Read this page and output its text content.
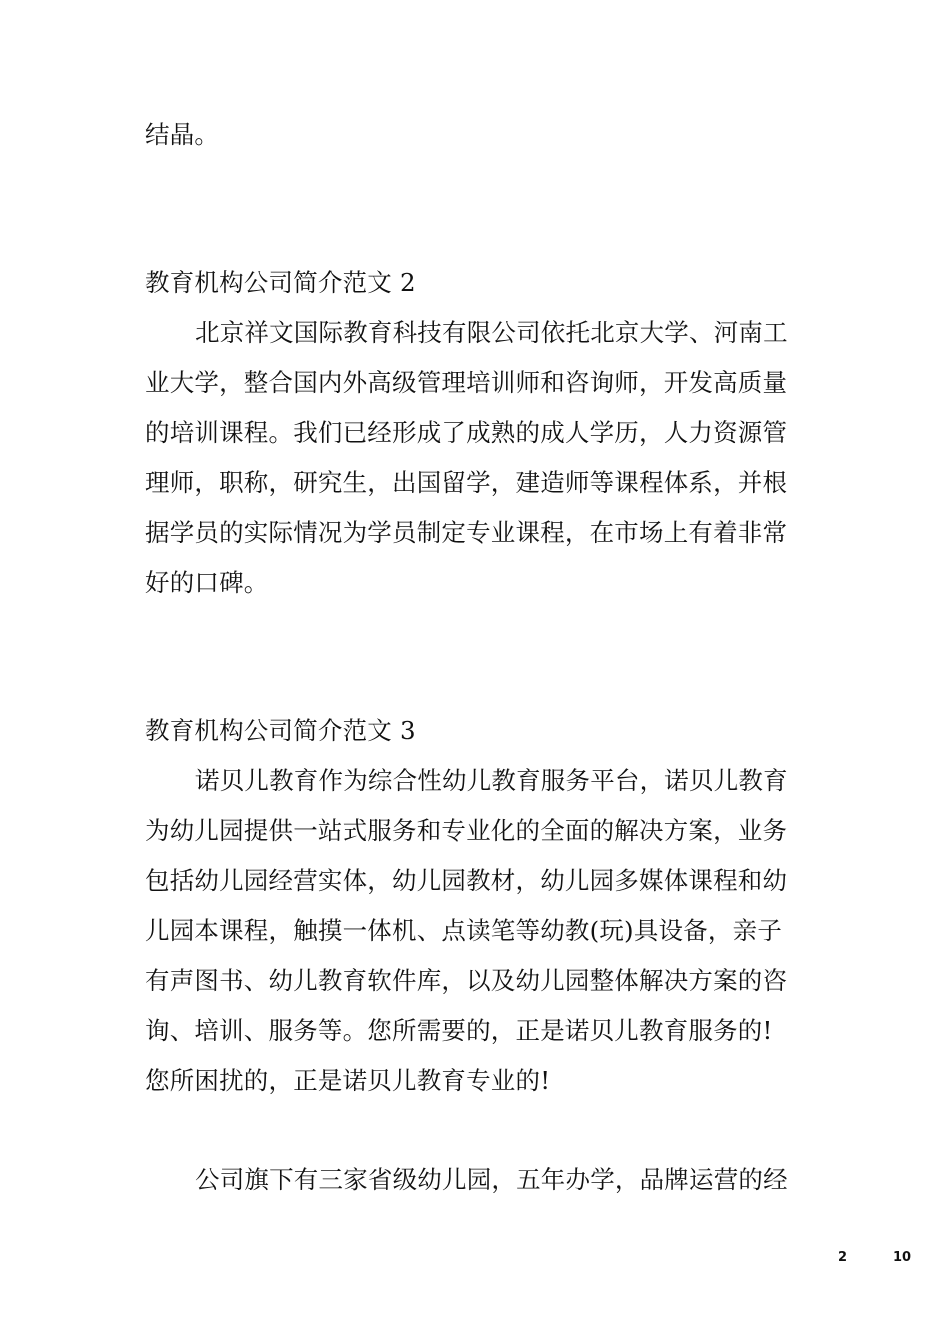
结晶。
教育机构公司简介范文 2
北京祥文国际教育科技有限公司依托北京大学、河南工
业大学，整合国内外高级管理培训师和咨询师，开发高质量
的培训课程。我们已经形成了成熟的成人学历，人力资源管
理师，职称，研究生，出国留学，建造师等课程体系，并根
据学员的实际情况为学员制定专业课程，在市场上有着非常
好的口碑。
教育机构公司简介范文 3
诺贝儿教育作为综合性幼儿教育服务平台，诺贝儿教育
为幼儿园提供一站式服务和专业化的全面的解决方案，业务
包括幼儿园经营实体，幼儿园教材，幼儿园多媒体课程和幼
儿园本课程，触摸一体机、点读笔等幼教(玩)具设备，亲子
有声图书、幼儿教育软件库，以及幼儿园整体解决方案的咨
询、培训、服务等。您所需要的，正是诺贝儿教育服务的!
您所困扰的，正是诺贝儿教育专业的!
公司旗下有三家省级幼儿园，五年办学，品牌运营的经
2	10
